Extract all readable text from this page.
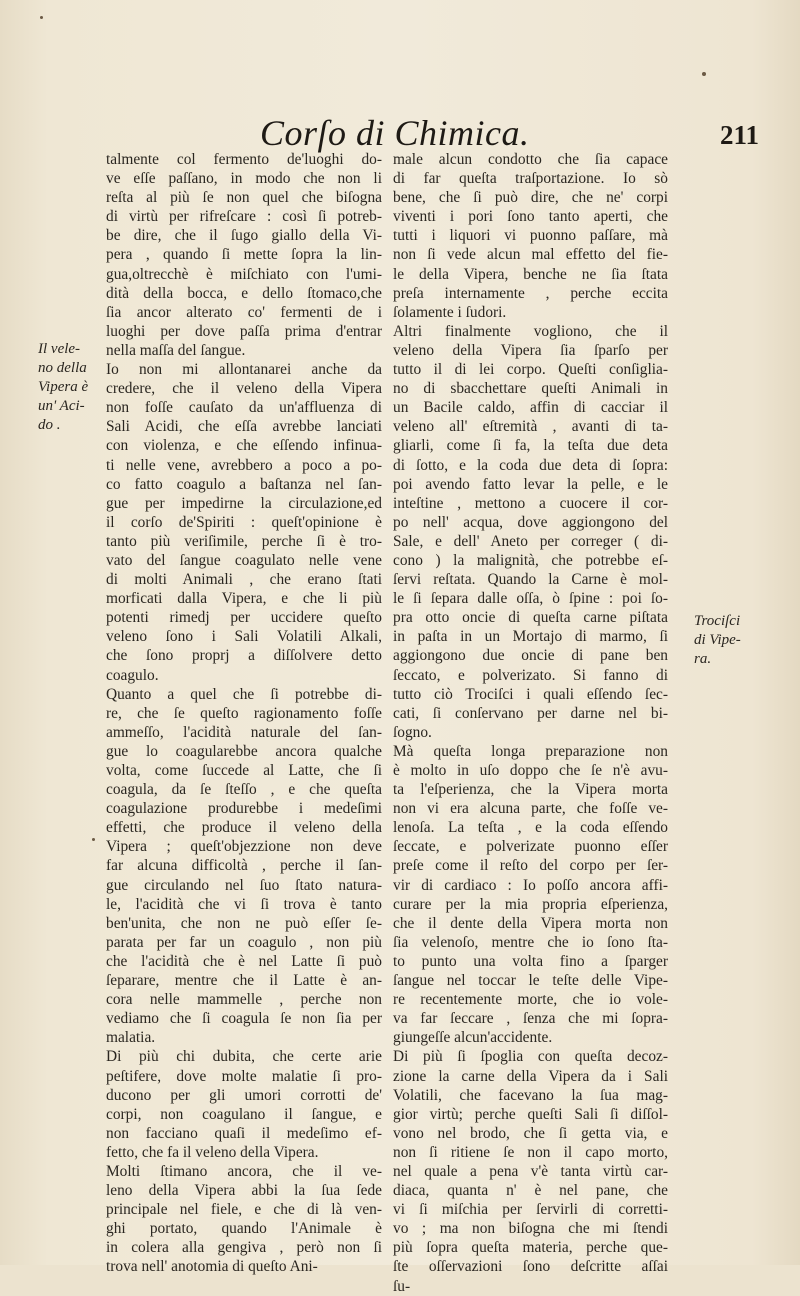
Corſo di Chimica.	211
Il vele-
no della
Vipera è
un' Aci-
do .
Trociſci
di Vipe-
ra.
talmente col fermento de'luoghi do-
ve eſſe paſſano, in modo che non li
reſta al più ſe non quel che biſogna
di virtù per rifreſcare : così ſi potreb-
be dire, che il ſugo giallo della Vi-
pera , quando ſi mette ſopra la lin-
gua,oltrecchè è miſchiato con l'umi-
dità della bocca, e dello ſtomaco,che
ſia ancor alterato co' fermenti de i
luoghi per dove paſſa prima d'entrar
nella maſſa del ſangue.
Io non mi allontanarei anche da
credere, che il veleno della Vipera
non foſſe cauſato da un'affluenza di
Sali Acidi, che eſſa avrebbe lanciati
con violenza, e che eſſendo infinua-
ti nelle vene, avrebbero a poco a po-
co fatto coagulo a baſtanza nel ſan-
gue per impedirne la circulazione,ed
il corſo de'Spiriti : queſt'opinione è
tanto più veriſimile, perche ſi è tro-
vato del ſangue coagulato nelle vene
di molti Animali , che erano ſtati
morficati dalla Vipera, e che li più
potenti rimedj per uccidere queſto
veleno ſono i Sali Volatili Alkali,
che ſono proprj a diſſolvere detto
coagulo.
Quanto a quel che ſi potrebbe di-
re, che ſe queſto ragionamento foſſe
ammeſſo, l'acidità naturale del ſan-
gue lo coagularebbe ancora qualche
volta, come ſuccede al Latte, che ſi
coagula, da ſe ſteſſo , e che queſta
coagulazione produrebbe i medeſimi
effetti, che produce il veleno della
Vipera ; queſt'objezzione non deve
far alcuna difficoltà , perche il ſan-
gue circulando nel ſuo ſtato natura-
le, l'acidità che vi ſi trova è tanto
ben'unita, che non ne può eſſer ſe-
parata per far un coagulo , non più
che l'acidità che è nel Latte ſi può
ſeparare, mentre che il Latte è an-
cora nelle mammelle , perche non
vediamo che ſi coagula ſe non ſia per
malatia.
Di più chi dubita, che certe arie
peſtifere, dove molte malatie ſi pro-
ducono per gli umori corrotti de'
corpi, non coagulano il ſangue, e
non facciano quaſi il medeſimo ef-
fetto, che fa il veleno della Vipera.
Molti ſtimano ancora, che il ve-
leno della Vipera abbi la ſua ſede
principale nel fiele, e che di là ven-
ghi portato, quando l'Animale è
in colera alla gengiva , però non ſi
trova nell' anotomia di queſto Ani-
male alcun condotto che ſia capace
di far queſta traſportazione. Io sò
bene, che ſi può dire, che ne' corpi
viventi i pori ſono tanto aperti, che
tutti i liquori vi puonno paſſare, mà
non ſi vede alcun mal effetto del fie-
le della Vipera, benche ne ſia ſtata
preſa internamente , perche eccita
ſolamente i ſudori.
Altri finalmente vogliono, che il
veleno della Vipera ſia ſparſo per
tutto il di lei corpo. Queſti conſiglia-
no di sbacchettare queſti Animali in
un Bacile caldo, affin di cacciar il
veleno all' eſtremità , avanti di ta-
gliarli, come ſi fa, la teſta due deta
di ſotto, e la coda due deta di ſopra:
poi avendo fatto levar la pelle, e le
inteſtine , mettono a cuocere il cor-
po nell' acqua, dove aggiongono del
Sale, e dell' Aneto per correger ( di-
cono ) la malignità, che potrebbe eſ-
ſervi reſtata. Quando la Carne è mol-
le ſi ſepara dalle oſſa, ò ſpine : poi ſo-
pra otto oncie di queſta carne piſtata
in paſta in un Mortajo di marmo, ſi
aggiongono due oncie di pane ben
ſeccato, e polverizato. Si fanno di
tutto ciò Trociſci i quali eſſendo ſec-
cati, ſi conſervano per darne nel bi-
ſogno.
Mà queſta longa preparazione non
è molto in uſo doppo che ſe n'è avu-
ta l'eſperienza, che la Vipera morta
non vi era alcuna parte, che foſſe ve-
lenoſa. La teſta , e la coda eſſendo
ſeccate, e polverizate puonno eſſer
preſe come il reſto del corpo per ſer-
vir di cardiaco : Io poſſo ancora affi-
curare per la mia propria eſperienza,
che il dente della Vipera morta non
ſia velenoſo, mentre che io ſono ſta-
to punto una volta fino a ſparger
ſangue nel toccar le teſte delle Vipe-
re recentemente morte, che io vole-
va far ſeccare , ſenza che mi ſopra-
giungeſſe alcun'accidente.
Di più ſi ſpoglia con queſta decoz-
zione la carne della Vipera da i Sali
Volatili, che facevano la ſua mag-
gior virtù; perche queſti Sali ſi diſſol-
vono nel brodo, che ſi getta via, e
non ſi ritiene ſe non il capo morto,
nel quale a pena v'è tanta virtù car-
diaca, quanta n' è nel pane, che
vi ſi miſchia per ſervirli di corretti-
vo ; ma non biſogna che mi ſtendi
più ſopra queſta materia, perche que-
ſte oſſervazioni ſono deſcritte aſſai
ſu-
